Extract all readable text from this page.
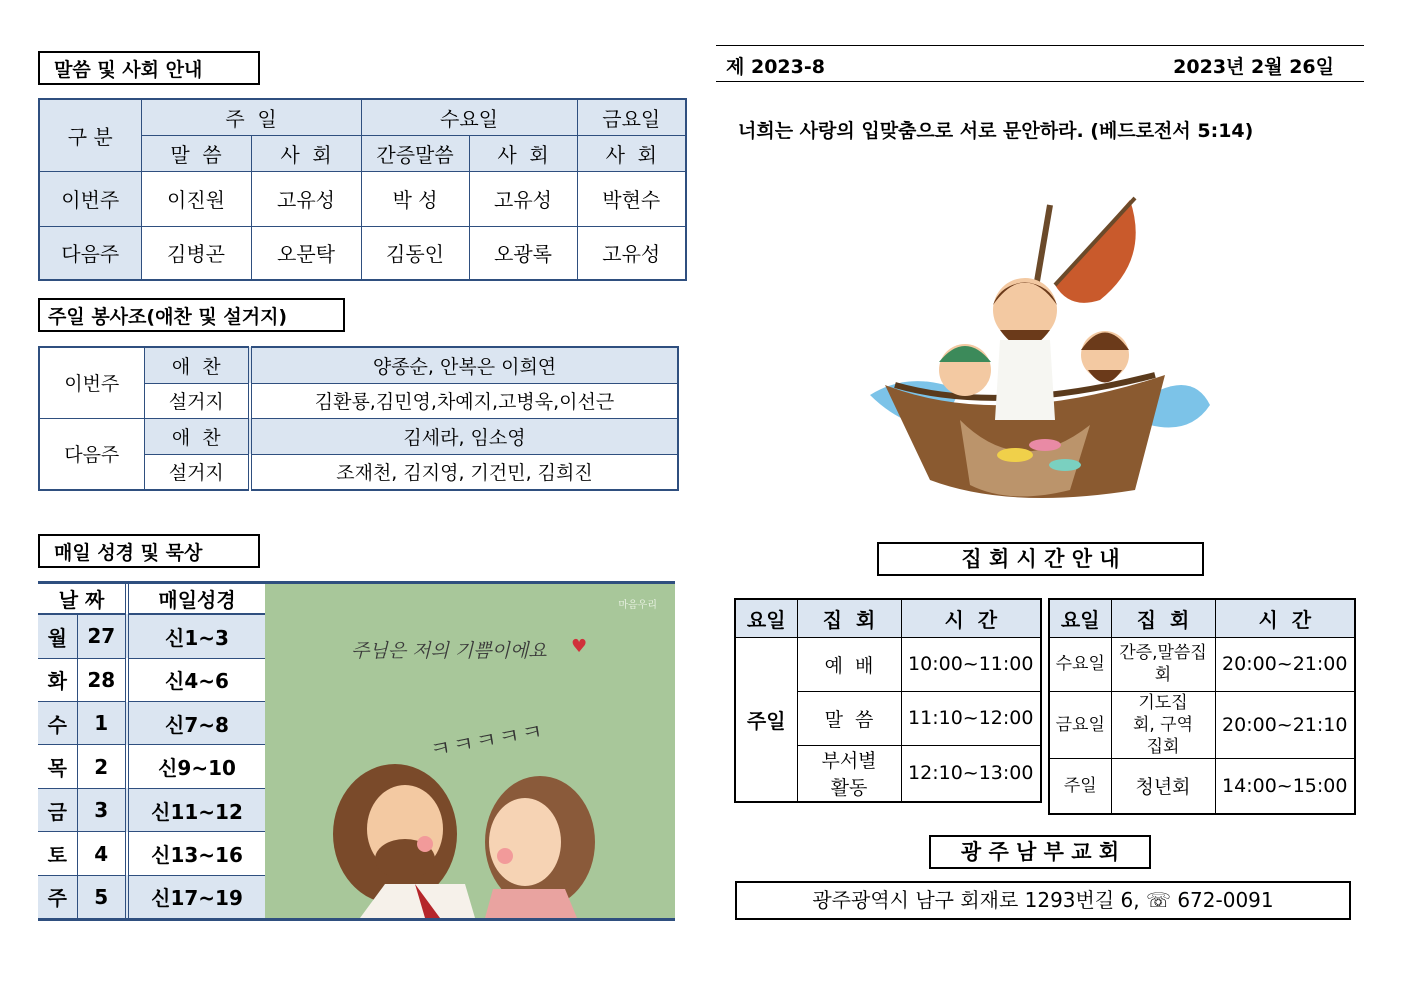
말씀 및 사회 안내
구 분	주  일		수요일		금요일
	말  씀	사  회	간증말씀	사  회	사  회
이번주	이진원	고유성	박 성	고유성	박현수
다음주	김병곤	오문탁	김동인	오광록	고유성
주일 봉사조(애찬 및 설거지)
이번주	애  찬	양종순, 안복은 이희연
	설거지	김환룡,김민영,차예지,고병욱,이선근
다음주	애  찬	김세라, 임소영
	설거지	조재천, 김지영, 기건민, 김희진
매일 성경 및 묵상
날 짜		매일성경
월	27	신1~3
화	28	신4~6
수	1	신7~8
목	2	신9~10
금	3	신11~12
토	4	신13~16
주	5	신17~19
마음우리
주님은 저의 기쁨이에요 ♥
ㅋㅋㅋㅋㅋ
제 2023-8	2023년 2월 26일
너희는 사랑의 입맞춤으로 서로 문안하라. (베드로전서 5:14)
집 회 시 간 안 내
요일	집  회	시  간
주일	예  배	10:00~11:00
	말  씀	11:10~12:00
	부서별 활동	12:10~13:00
요일	집  회	시  간
수요일	간증,말씀집회	20:00~21:00
금요일	기도집회, 구역집회	20:00~21:10
주일	청년회	14:00~15:00
광 주 남 부 교 회
광주광역시 남구 회재로 1293번길 6, ☏ 672-0091
